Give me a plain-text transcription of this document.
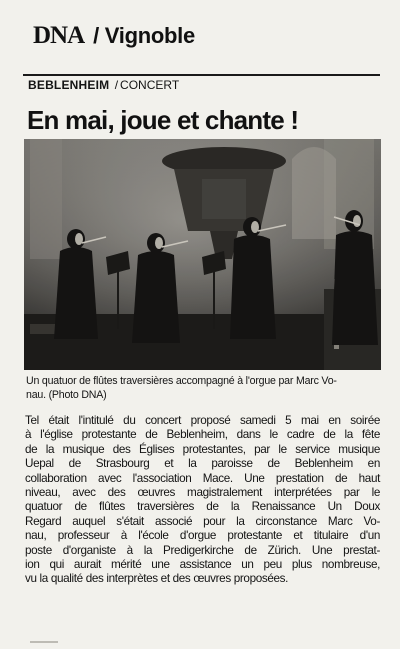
DNA / Vignoble
BEBLENHEIM / CONCERT
En mai, joue et chante !
Un quatuor de flûtes traversières accompagné à l'orgue par Marc Vo-
nau. (Photo DNA)
Tel était l'intitulé du concert proposé samedi 5 mai en soirée
à l'église protestante de Beblenheim, dans le cadre de la fête
de la musique des Églises protestantes, par le service musique
Uepal de Strasbourg et la paroisse de Beblenheim en
collaboration avec l'association Mace. Une prestation de haut
niveau, avec des œuvres magistralement interprétées par le
quatuor de flûtes traversières de la Renaissance Un Doux
Regard auquel s'était associé pour la circonstance Marc Vo-
nau, professeur à l'école d'orgue protestante et titulaire d'un
poste d'organiste à la Predigerkirche de Zürich. Une prestat-
ion qui aurait mérité une assistance un peu plus nombreuse,
vu la qualité des interprètes et des œuvres proposées.
